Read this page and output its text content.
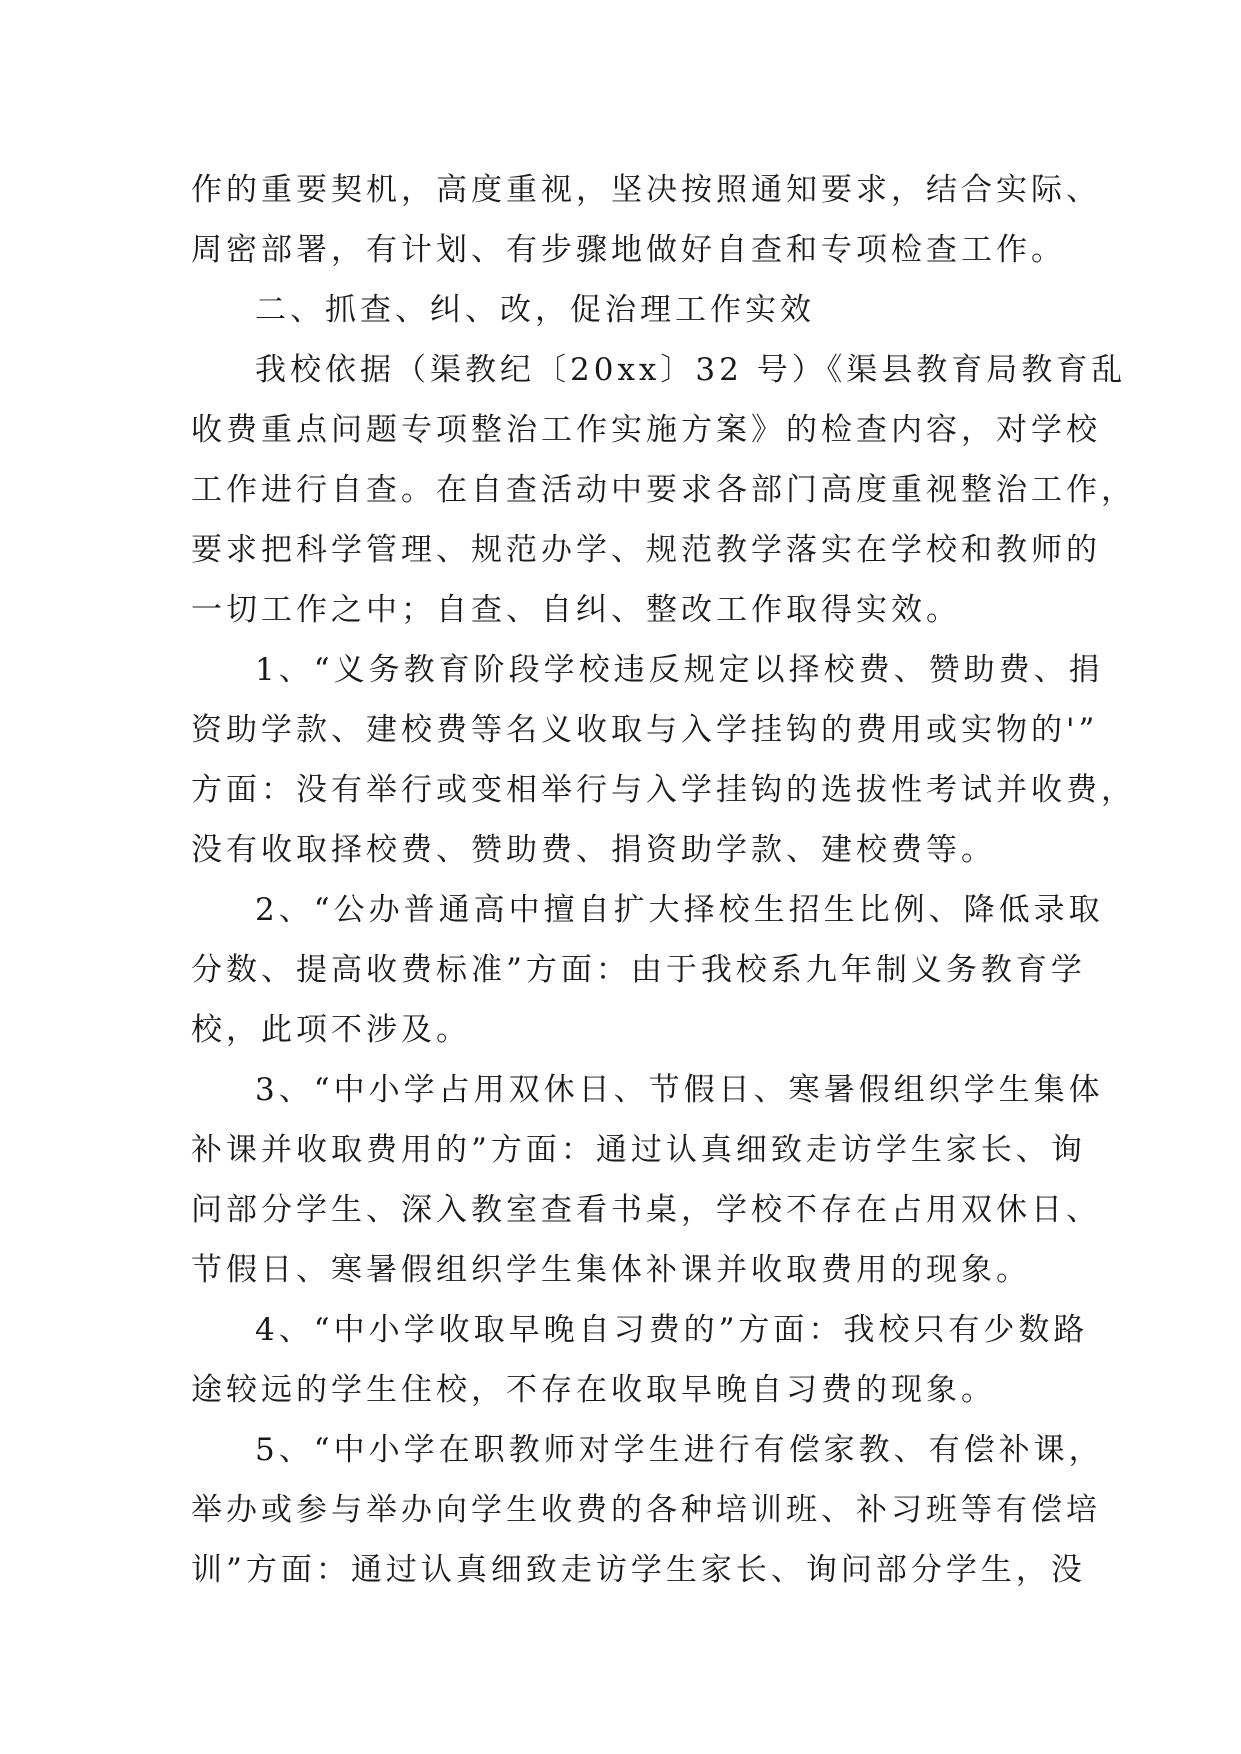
作的重要契机，高度重视，坚决按照通知要求，结合实际、
周密部署，有计划、有步骤地做好自查和专项检查工作。
二、抓查、纠、改，促治理工作实效
我校依据（渠教纪〔20xx〕32 号）《渠县教育局教育乱
收费重点问题专项整治工作实施方案》的检查内容，对学校
工作进行自查。在自查活动中要求各部门高度重视整治工作，
要求把科学管理、规范办学、规范教学落实在学校和教师的
一切工作之中；自查、自纠、整改工作取得实效。
1、“义务教育阶段学校违反规定以择校费、赞助费、捐
资助学款、建校费等名义收取与入学挂钩的费用或实物的'”
方面：没有举行或变相举行与入学挂钩的选拔性考试并收费，
没有收取择校费、赞助费、捐资助学款、建校费等。
2、“公办普通高中擅自扩大择校生招生比例、降低录取
分数、提高收费标准”方面：由于我校系九年制义务教育学
校，此项不涉及。
3、“中小学占用双休日、节假日、寒暑假组织学生集体
补课并收取费用的”方面：通过认真细致走访学生家长、询
问部分学生、深入教室查看书桌，学校不存在占用双休日、
节假日、寒暑假组织学生集体补课并收取费用的现象。
4、“中小学收取早晚自习费的”方面：我校只有少数路
途较远的学生住校，不存在收取早晚自习费的现象。
5、“中小学在职教师对学生进行有偿家教、有偿补课，
举办或参与举办向学生收费的各种培训班、补习班等有偿培
训”方面：通过认真细致走访学生家长、询问部分学生，没
